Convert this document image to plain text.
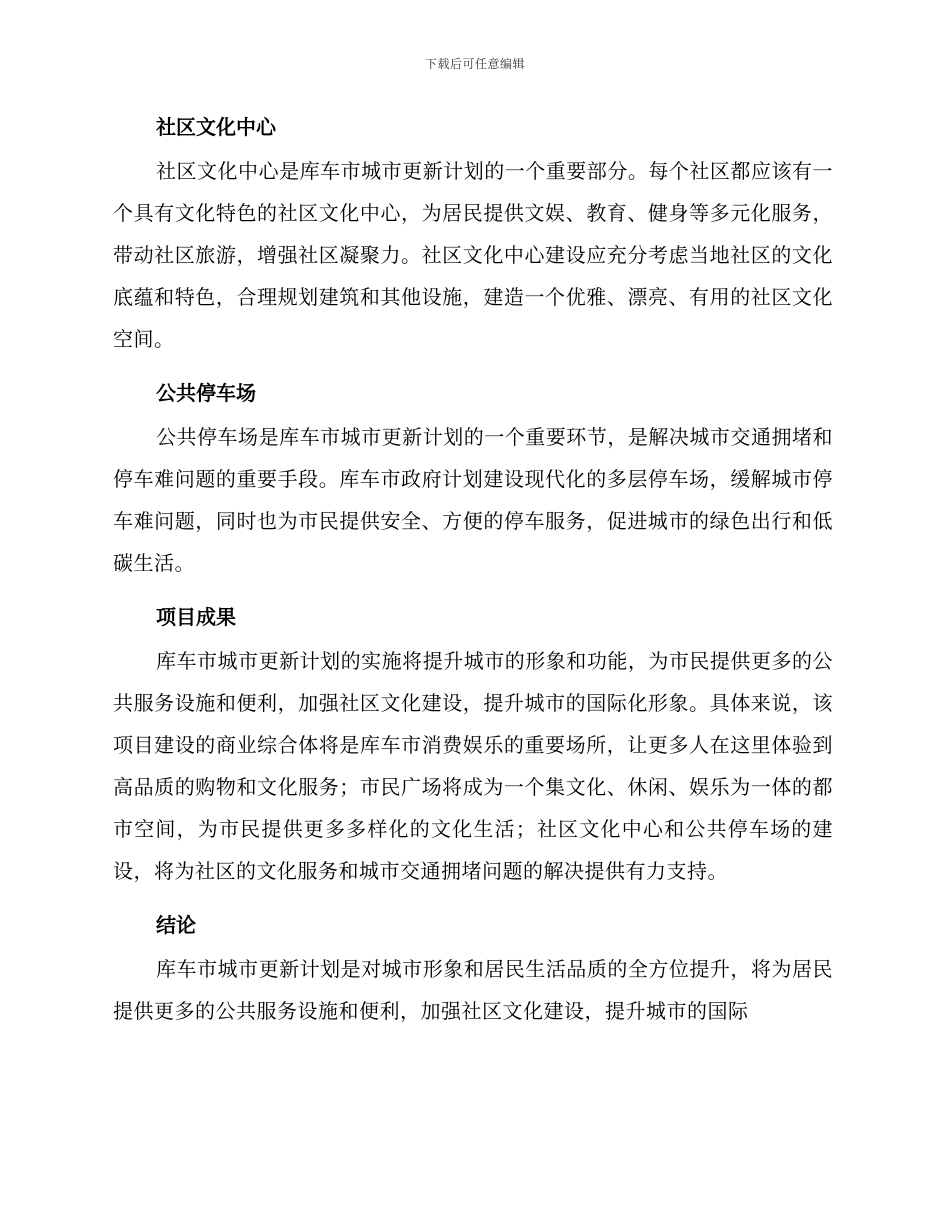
下载后可任意编辑
社区文化中心

社区文化中心是库车市城市更新计划的一个重要部分。每个社区都应该有一个具有文化特色的社区文化中心，为居民提供文娱、教育、健身等多元化服务，带动社区旅游，增强社区凝聚力。社区文化中心建设应充分考虑当地社区的文化底蕴和特色，合理规划建筑和其他设施，建造一个优雅、漂亮、有用的社区文化空间。

公共停车场

公共停车场是库车市城市更新计划的一个重要环节，是解决城市交通拥堵和停车难问题的重要手段。库车市政府计划建设现代化的多层停车场，缓解城市停车难问题，同时也为市民提供安全、方便的停车服务，促进城市的绿色出行和低碳生活。

项目成果

库车市城市更新计划的实施将提升城市的形象和功能，为市民提供更多的公共服务设施和便利，加强社区文化建设，提升城市的国际化形象。具体来说，该项目建设的商业综合体将是库车市消费娱乐的重要场所，让更多人在这里体验到高品质的购物和文化服务；市民广场将成为一个集文化、休闲、娱乐为一体的都市空间，为市民提供更多多样化的文化生活；社区文化中心和公共停车场的建设，将为社区的文化服务和城市交通拥堵问题的解决提供有力支持。

结论

库车市城市更新计划是对城市形象和居民生活品质的全方位提升，将为居民提供更多的公共服务设施和便利，加强社区文化建设，提升城市的国际
